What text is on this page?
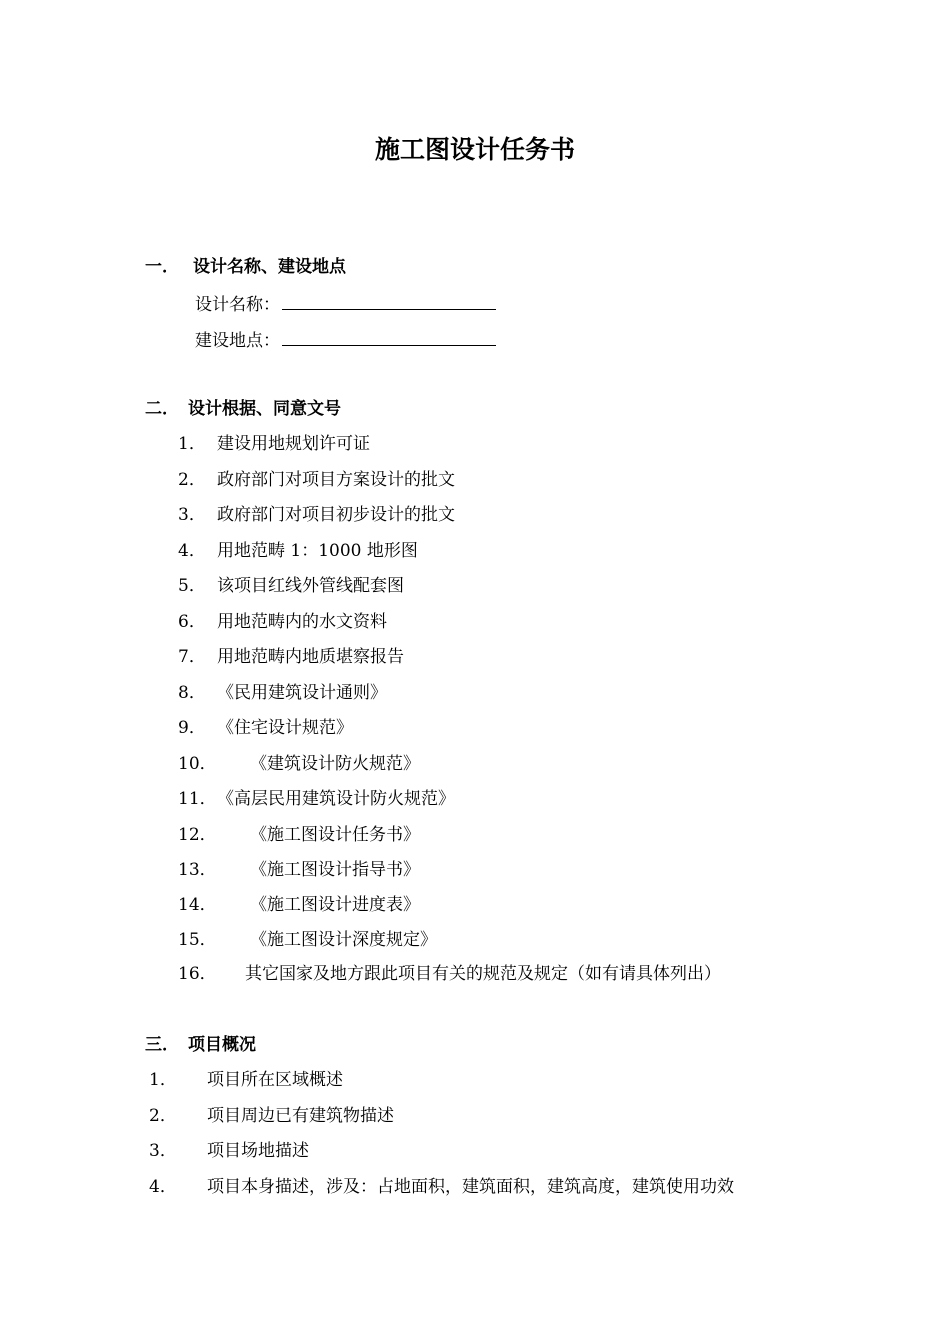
施工图设计任务书
一． 设计名称、建设地点
设计名称：
建设地点：
二． 设计根据、同意文号
1． 建设用地规划许可证
2． 政府部门对项目方案设计的批文
3． 政府部门对项目初步设计的批文
4． 用地范畴 1：1000 地形图
5． 该项目红线外管线配套图
6． 用地范畴内的水文资料
7． 用地范畴内地质堪察报告
8． 《民用建筑设计通则》
9． 《住宅设计规范》
10． 《建筑设计防火规范》
11．《高层民用建筑设计防火规范》
12． 《施工图设计任务书》
13． 《施工图设计指导书》
14． 《施工图设计进度表》
15． 《施工图设计深度规定》
16． 其它国家及地方跟此项目有关的规范及规定（如有请具体列出）
三． 项目概况
1． 项目所在区域概述
2． 项目周边已有建筑物描述
3． 项目场地描述
4． 项目本身描述，涉及：占地面积，建筑面积，建筑高度，建筑使用功效
